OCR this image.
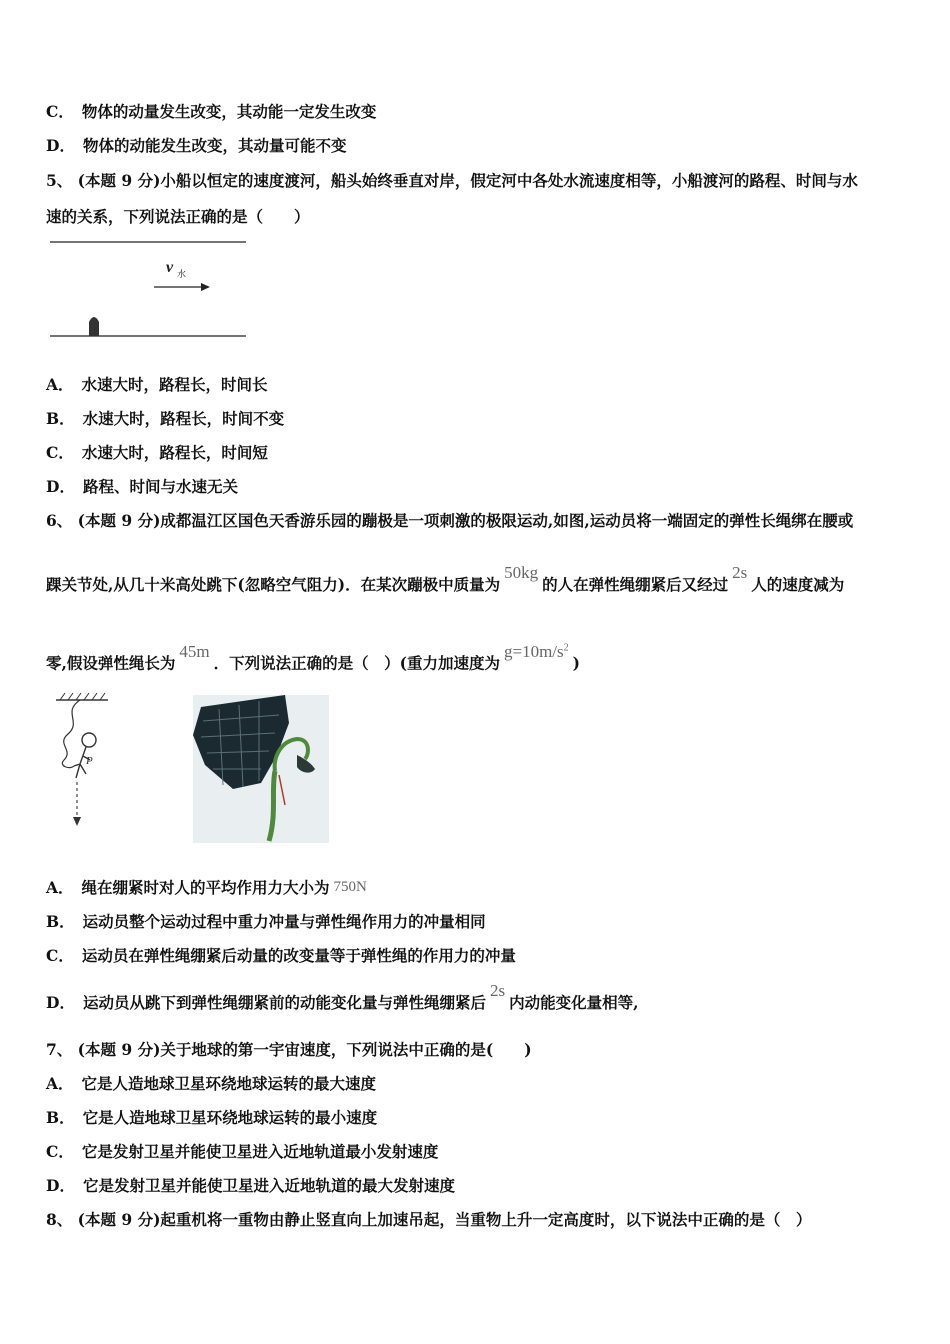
C． 物体的动量发生改变，其动能一定发生改变
D． 物体的动能发生改变，其动量可能不变
5、 (本题 9 分)小船以恒定的速度渡河，船头始终垂直对岸，假定河中各处水流速度相等，小船渡河的路程、时间与水
速的关系，下列说法正确的是（　　）
v 水
A． 水速大时，路程长，时间长
B． 水速大时，路程长，时间不变
C． 水速大时，路程长，时间短
D． 路程、时间与水速无关
6、 (本题 9 分)成都温江区国色天香游乐园的蹦极是一项刺激的极限运动,如图,运动员将一端固定的弹性长绳绑在腰或
踝关节处,从几十米高处跳下(忽略空气阻力)．在某次蹦极中质量为50kg的人在弹性绳绷紧后又经过2s人的速度减为
零,假设弹性绳长为45m．下列说法正确的是（　）(重力加速度为$g=10m/s^2$)
P
A． 绳在绷紧时对人的平均作用力大小为 750N
B． 运动员整个运动过程中重力冲量与弹性绳作用力的冲量相同
C． 运动员在弹性绳绷紧后动量的改变量等于弹性绳的作用力的冲量
D． 运动员从跳下到弹性绳绷紧前的动能变化量与弹性绳绷紧后2s内动能变化量相等,
7、 (本题 9 分)关于地球的第一宇宙速度，下列说法中正确的是(　　)
A． 它是人造地球卫星环绕地球运转的最大速度
B． 它是人造地球卫星环绕地球运转的最小速度
C． 它是发射卫星并能使卫星进入近地轨道最小发射速度
D． 它是发射卫星并能使卫星进入近地轨道的最大发射速度
8、 (本题 9 分)起重机将一重物由静止竖直向上加速吊起，当重物上升一定高度时，以下说法中正确的是（　）
